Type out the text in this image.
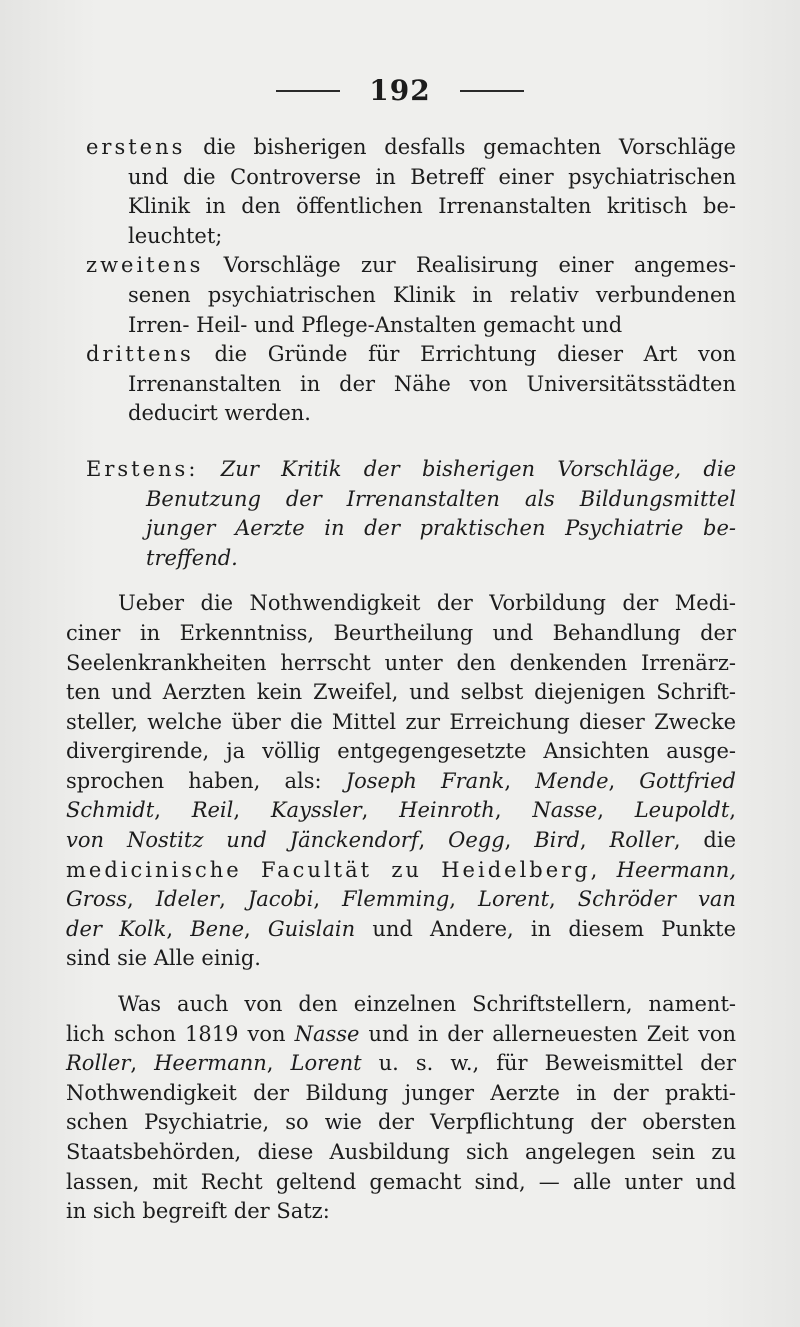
192
erstens die bisherigen desfalls gemachten Vorschläge
und die Controverse in Betreff einer psychiatrischen
Klinik in den öffentlichen Irrenanstalten kritisch be-
leuchtet;
zweitens Vorschläge zur Realisirung einer angemes-
senen psychiatrischen Klinik in relativ verbundenen
Irren- Heil- und Pflege-Anstalten gemacht und
drittens die Gründe für Errichtung dieser Art von
Irrenanstalten in der Nähe von Universitätsstädten
deducirt werden.
Erstens: Zur Kritik der bisherigen Vorschläge, die
Benutzung der Irrenanstalten als Bildungsmittel
junger Aerzte in der praktischen Psychiatrie be-
treffend.
Ueber die Nothwendigkeit der Vorbildung der Medi-
ciner in Erkenntniss, Beurtheilung und Behandlung der
Seelenkrankheiten herrscht unter den denkenden Irrenärz-
ten und Aerzten kein Zweifel, und selbst diejenigen Schrift-
steller, welche über die Mittel zur Erreichung dieser Zwecke
divergirende, ja völlig entgegengesetzte Ansichten ausge-
sprochen haben, als: Joseph Frank, Mende, Gottfried
Schmidt, Reil, Kayssler, Heinroth, Nasse, Leupoldt,
von Nostitz und Jänckendorf, Oegg, Bird, Roller, die
medicinische Facultät zu Heidelberg, Heermann,
Gross, Ideler, Jacobi, Flemming, Lorent, Schröder van
der Kolk, Bene, Guislain und Andere, in diesem Punkte
sind sie Alle einig.
Was auch von den einzelnen Schriftstellern, nament-
lich schon 1819 von Nasse und in der allerneuesten Zeit von
Roller, Heermann, Lorent u. s. w., für Beweismittel der
Nothwendigkeit der Bildung junger Aerzte in der prakti-
schen Psychiatrie, so wie der Verpflichtung der obersten
Staatsbehörden, diese Ausbildung sich angelegen sein zu
lassen, mit Recht geltend gemacht sind, — alle unter und
in sich begreift der Satz:
